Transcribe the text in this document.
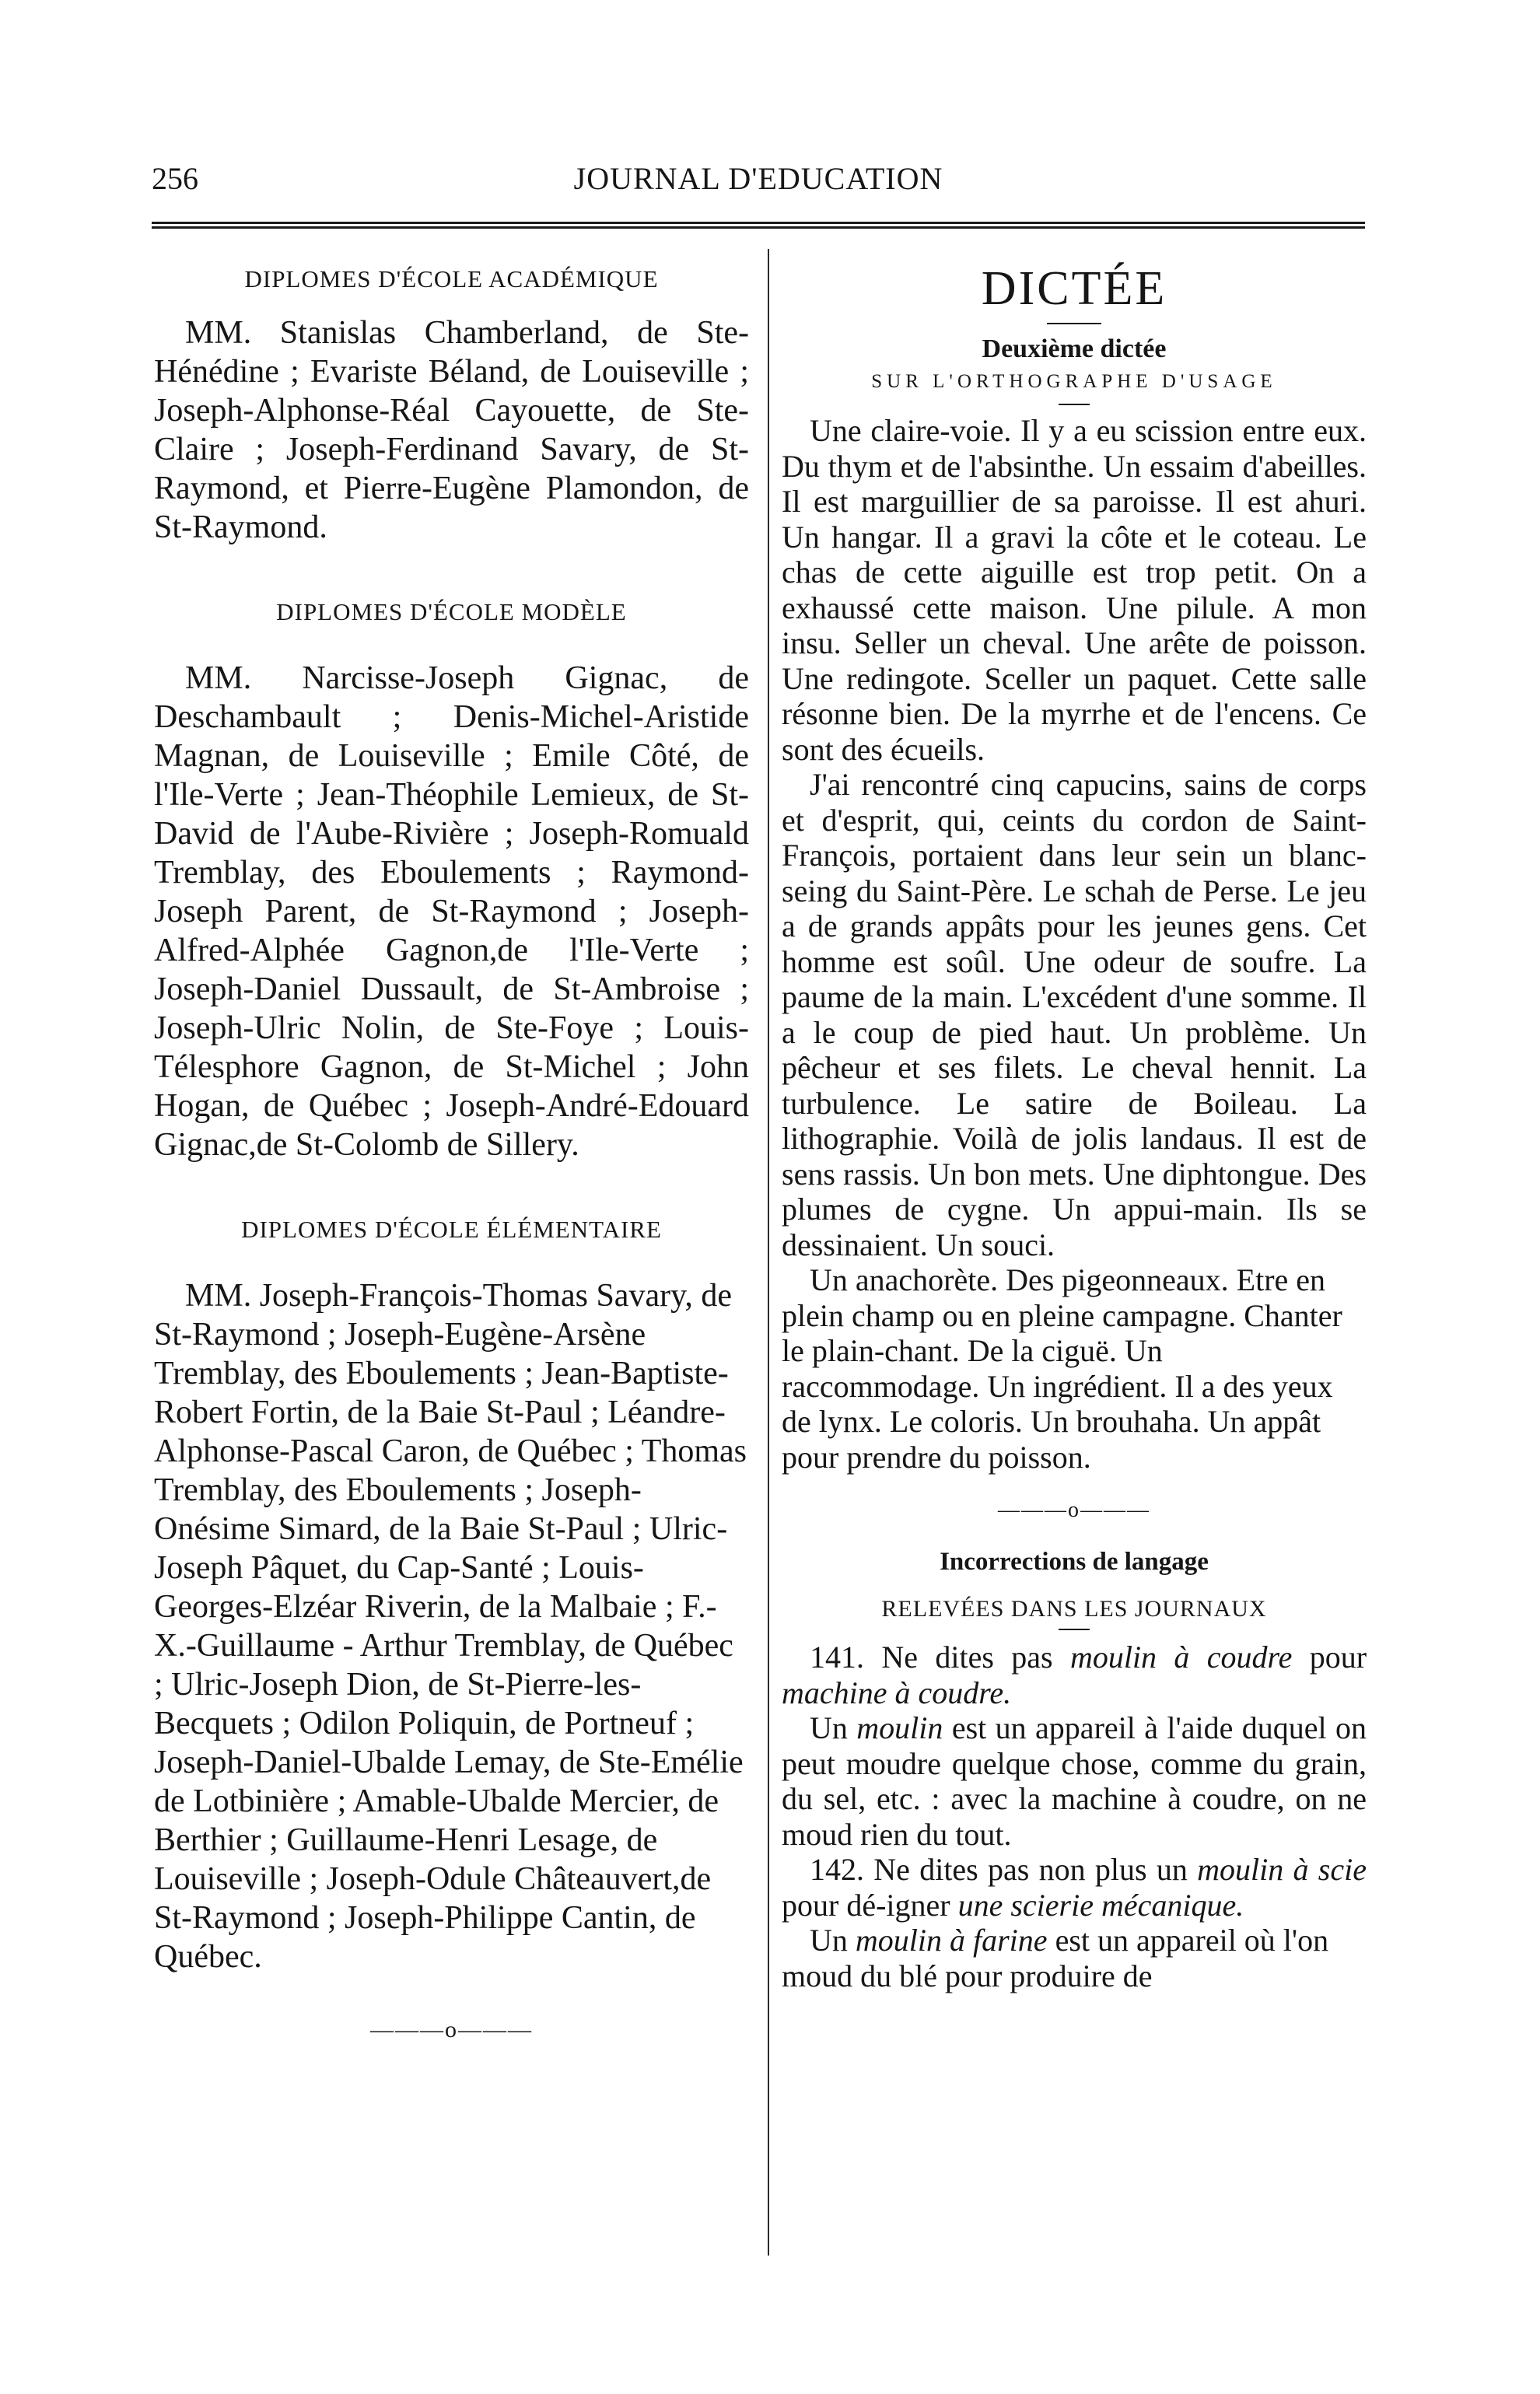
256	JOURNAL D'EDUCATION
DIPLOMES D'ÉCOLE ACADÉMIQUE

MM. Stanislas Chamberland, de Ste-Hénédine ; Evariste Béland, de Louiseville ; Joseph-Alphonse-Réal Cayouette, de Ste-Claire ; Joseph-Ferdinand Savary, de St-Raymond, et Pierre-Eugène Plamondon, de St-Raymond.

DIPLOMES D'ÉCOLE MODÈLE

MM. Narcisse-Joseph Gignac, de Deschambault ; Denis-Michel-Aristide Magnan, de Louiseville ; Emile Côté, de l'Ile-Verte ; Jean-Théophile Lemieux, de St-David de l'Aube-Rivière ; Joseph-Romuald Tremblay, des Eboulements ; Raymond-Joseph Parent, de St-Raymond ; Joseph-Alfred-Alphée Gagnon,de l'Ile-Verte ; Joseph-Daniel Dussault, de St-Ambroise ; Joseph-Ulric Nolin, de Ste-Foye ; Louis-Télesphore Gagnon, de St-Michel ; John Hogan, de Québec ; Joseph-André-Edouard Gignac,de St-Colomb de Sillery.

DIPLOMES D'ÉCOLE ÉLÉMENTAIRE

MM. Joseph-François-Thomas Savary, de St-Raymond ; Joseph-Eugène-Arsène Tremblay, des Eboulements ; Jean-Baptiste-Robert Fortin, de la Baie St-Paul ; Léandre-Alphonse-Pascal Caron, de Québec ; Thomas Tremblay, des Eboulements ; Joseph-Onésime Simard, de la Baie St-Paul ; Ulric-Joseph Pâquet, du Cap-Santé ; Louis-Georges-Elzéar Riverin, de la Malbaie ; F.-X.-Guillaume - Arthur Tremblay, de Québec ; Ulric-Joseph Dion, de St-Pierre-les-Becquets ; Odilon Poliquin, de Portneuf ; Joseph-Daniel-Ubalde Lemay, de Ste-Emélie de Lotbinière ; Amable-Ubalde Mercier, de Berthier ; Guillaume-Henri Lesage, de Louiseville ; Joseph-Odule Châteauvert,de St-Raymond ; Joseph-Philippe Cantin, de Québec.

———o———
DICTÉE
Deuxième dictée
SUR L'ORTHOGRAPHE D'USAGE

Une claire-voie. Il y a eu scission entre eux. Du thym et de l'absinthe. Un essaim d'abeilles. Il est marguillier de sa paroisse. Il est ahuri. Un hangar. Il a gravi la côte et le coteau. Le chas de cette aiguille est trop petit. On a exhaussé cette maison. Une pilule. A mon insu. Seller un cheval. Une arête de poisson. Une redingote. Sceller un paquet. Cette salle résonne bien. De la myrrhe et de l'encens. Ce sont des écueils.

J'ai rencontré cinq capucins, sains de corps et d'esprit, qui, ceints du cordon de Saint-François, portaient dans leur sein un blanc-seing du Saint-Père. Le schah de Perse. Le jeu a de grands appâts pour les jeunes gens. Cet homme est soûl. Une odeur de soufre. La paume de la main. L'excédent d'une somme. Il a le coup de pied haut. Un problème. Un pêcheur et ses filets. Le cheval hennit. La turbulence. Le satire de Boileau. La lithographie. Voilà de jolis landaus. Il est de sens rassis. Un bon mets. Une diphtongue. Des plumes de cygne. Un appui-main. Ils se dessinaient. Un souci.

Un anachorète. Des pigeonneaux. Etre en plein champ ou en pleine campagne. Chanter le plain-chant. De la ciguë. Un raccommodage. Un ingrédient. Il a des yeux de lynx. Le coloris. Un brouhaha. Un appât pour prendre du poisson.

———o———
Incorrections de langage
RELEVÉES DANS LES JOURNAUX

141. Ne dites pas moulin à coudre pour machine à coudre.

Un moulin est un appareil à l'aide duquel on peut moudre quelque chose, comme du grain, du sel, etc. : avec la machine à coudre, on ne moud rien du tout.

142. Ne dites pas non plus un moulin à scie pour dé-igner une scierie mécanique.

Un moulin à farine est un appareil où l'on moud du blé pour produire de
